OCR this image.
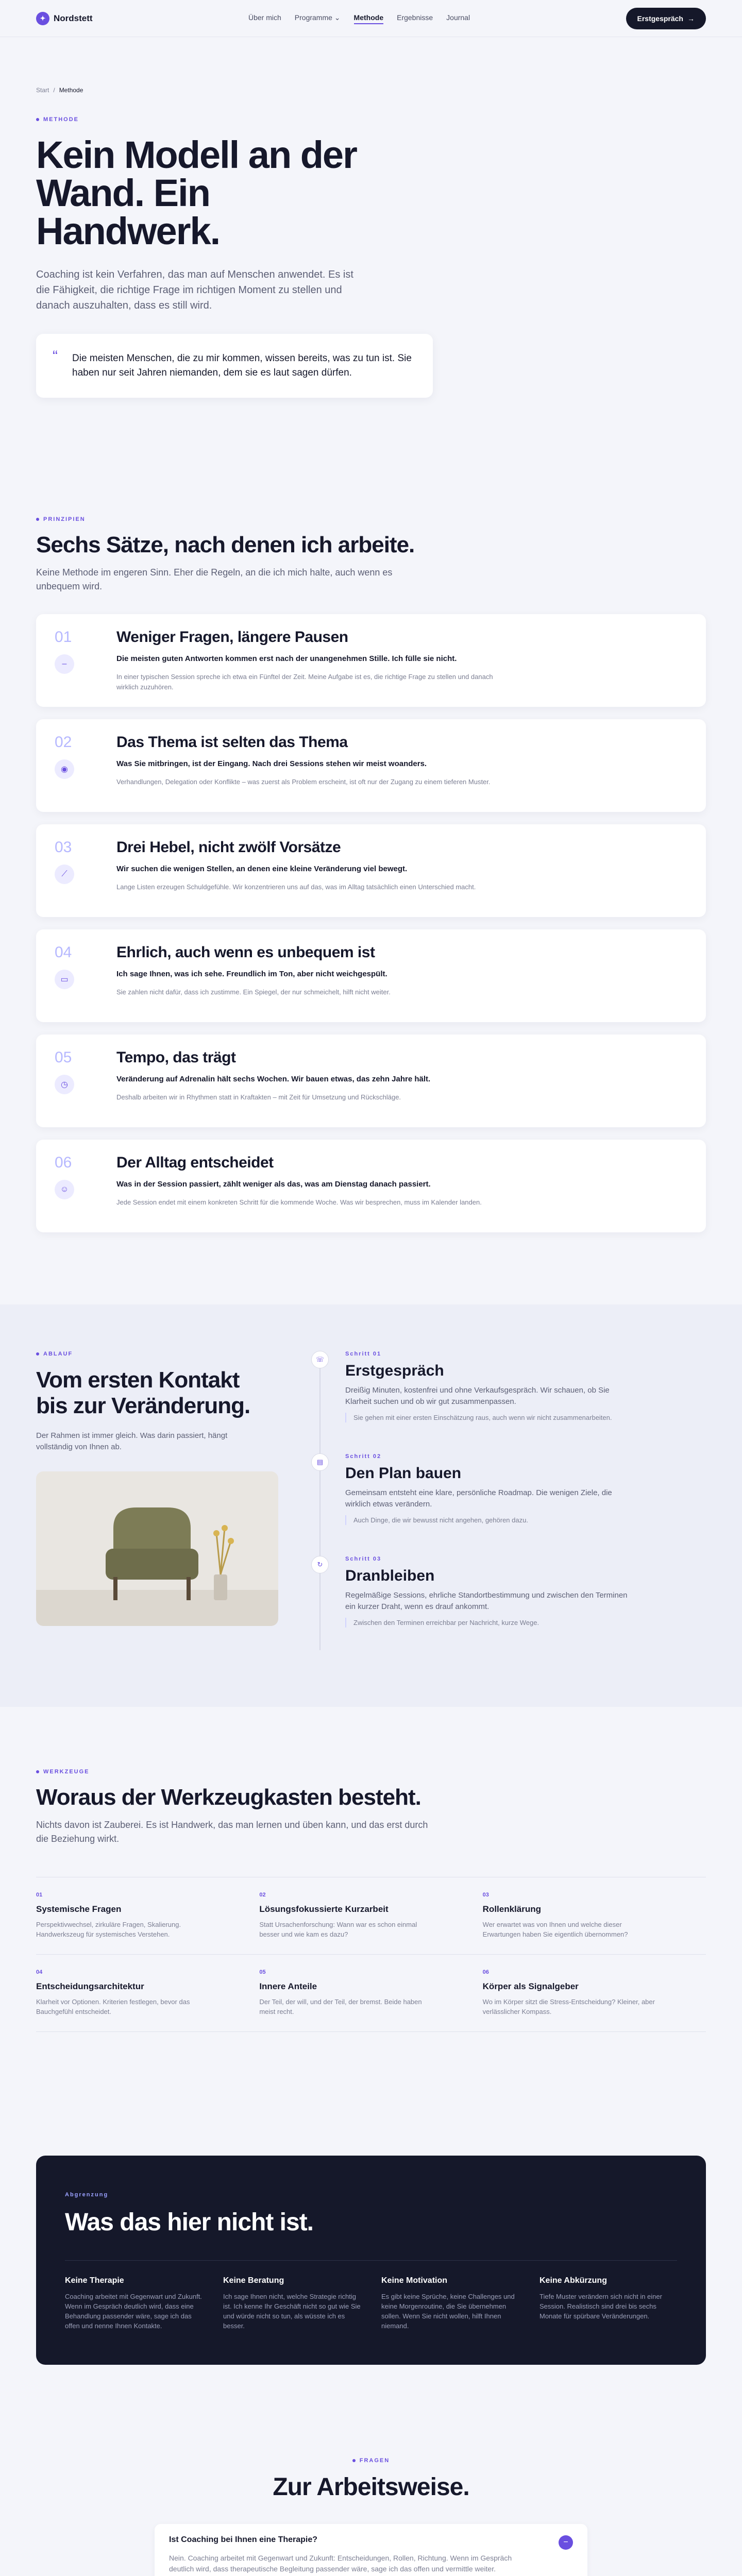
✦ Nordstett	Über mich Programme ⌄ Methode Ergebnisse Journal	Erstgespräch →
Start / Methode
METHODE
Kein Modell an der Wand. Ein Handwerk.

Coaching ist kein Verfahren, das man auf Menschen anwendet. Es ist die Fähigkeit, die richtige Frage im richtigen Moment zu stellen und danach auszuhalten, dass es still wird.

“ Die meisten Menschen, die zu mir kommen, wissen bereits, was zu tun ist. Sie haben nur seit Jahren niemanden, dem sie es laut sagen dürfen.
PRINZIPIEN
Sechs Sätze, nach denen ich arbeite.

Keine Methode im engeren Sinn. Eher die Regeln, an die ich mich halte, auch wenn es unbequem wird.

01
–
Weniger Fragen, längere Pausen

Die meisten guten Antworten kommen erst nach der unangenehmen Stille. Ich fülle sie nicht.

In einer typischen Session spreche ich etwa ein Fünftel der Zeit. Meine Aufgabe ist es, die richtige Frage zu stellen und danach wirklich zuzuhören.

02
◉
Das Thema ist selten das Thema

Was Sie mitbringen, ist der Eingang. Nach drei Sessions stehen wir meist woanders.

Verhandlungen, Delegation oder Konflikte – was zuerst als Problem erscheint, ist oft nur der Zugang zu einem tieferen Muster.

03
⟋
Drei Hebel, nicht zwölf Vorsätze

Wir suchen die wenigen Stellen, an denen eine kleine Veränderung viel bewegt.

Lange Listen erzeugen Schuldgefühle. Wir konzentrieren uns auf das, was im Alltag tatsächlich einen Unterschied macht.

04
▭
Ehrlich, auch wenn es unbequem ist

Ich sage Ihnen, was ich sehe. Freundlich im Ton, aber nicht weichgespült.

Sie zahlen nicht dafür, dass ich zustimme. Ein Spiegel, der nur schmeichelt, hilft nicht weiter.

05
◷
Tempo, das trägt

Veränderung auf Adrenalin hält sechs Wochen. Wir bauen etwas, das zehn Jahre hält.

Deshalb arbeiten wir in Rhythmen statt in Kraftakten – mit Zeit für Umsetzung und Rückschläge.

06
☺
Der Alltag entscheidet

Was in der Session passiert, zählt weniger als das, was am Dienstag danach passiert.

Jede Session endet mit einem konkreten Schritt für die kommende Woche. Was wir besprechen, muss im Kalender landen.

ABLAUF
Vom ersten Kontakt bis zur Veränderung.

Der Rahmen ist immer gleich. Was darin passiert, hängt vollständig von Ihnen ab.

☏
Schritt 01
Erstgespräch

Dreißig Minuten, kostenfrei und ohne Verkaufsgespräch. Wir schauen, ob Sie Klarheit suchen und ob wir gut zusammenpassen.

Sie gehen mit einer ersten Einschätzung raus, auch wenn wir nicht zusammenarbeiten.

▤
Schritt 02
Den Plan bauen

Gemeinsam entsteht eine klare, persönliche Roadmap. Die wenigen Ziele, die wirklich etwas verändern.

Auch Dinge, die wir bewusst nicht angehen, gehören dazu.

↻
Schritt 03
Dranbleiben

Regelmäßige Sessions, ehrliche Standortbestimmung und zwischen den Terminen ein kurzer Draht, wenn es drauf ankommt.

Zwischen den Terminen erreichbar per Nachricht, kurze Wege.

WERKZEUGE
Woraus der Werkzeugkasten besteht.

Nichts davon ist Zauberei. Es ist Handwerk, das man lernen und üben kann, und das erst durch die Beziehung wirkt.

01
Systemische Fragen

Perspektivwechsel, zirkuläre Fragen, Skalierung. Handwerkszeug für systemisches Verstehen.

02
Lösungsfokussierte Kurzarbeit

Statt Ursachenforschung: Wann war es schon einmal besser und wie kam es dazu?

03
Rollenklärung

Wer erwartet was von Ihnen und welche dieser Erwartungen haben Sie eigentlich übernommen?

04
Entscheidungsarchitektur

Klarheit vor Optionen. Kriterien festlegen, bevor das Bauchgefühl entscheidet.

05
Innere Anteile

Der Teil, der will, und der Teil, der bremst. Beide haben meist recht.

06
Körper als Signalgeber

Wo im Körper sitzt die Stress-Entscheidung? Kleiner, aber verlässlicher Kompass.

Abgrenzung
Was das hier nicht ist.
Keine Therapie

Coaching arbeitet mit Gegenwart und Zukunft. Wenn im Gespräch deutlich wird, dass eine Behandlung passender wäre, sage ich das offen und nenne Ihnen Kontakte.

Keine Beratung

Ich sage Ihnen nicht, welche Strategie richtig ist. Ich kenne Ihr Geschäft nicht so gut wie Sie und würde nicht so tun, als wüsste ich es besser.

Keine Motivation

Es gibt keine Sprüche, keine Challenges und keine Morgenroutine, die Sie übernehmen sollen. Wenn Sie nicht wollen, hilft Ihnen niemand.

Keine Abkürzung

Tiefe Muster verändern sich nicht in einer Session. Realistisch sind drei bis sechs Monate für spürbare Veränderungen.

FRAGEN
Zur Arbeitsweise.
Ist Coaching bei Ihnen eine Therapie?

Nein. Coaching arbeitet mit Gegenwart und Zukunft: Entscheidungen, Rollen, Richtung. Wenn im Gespräch deutlich wird, dass therapeutische Begleitung passender wäre, sage ich das offen und vermittle weiter.

−
